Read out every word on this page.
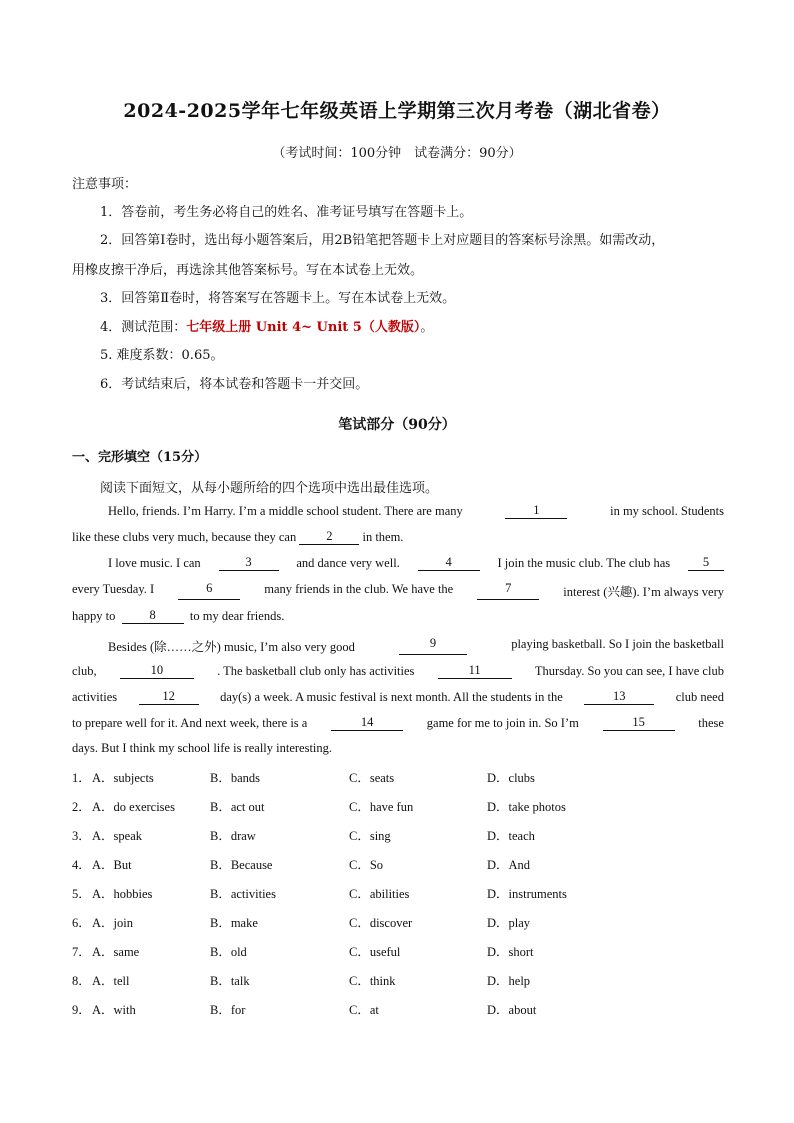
2024-2025学年七年级英语上学期第三次月考卷（湖北省卷）
（考试时间：100分钟　试卷满分：90分）
注意事项：
1．答卷前，考生务必将自己的姓名、准考证号填写在答题卡上。
2．回答第Ⅰ卷时，选出每小题答案后，用2B铅笔把答题卡上对应题目的答案标号涂黑。如需改动，
用橡皮擦干净后，再选涂其他答案标号。写在本试卷上无效。
3．回答第Ⅱ卷时，将答案写在答题卡上。写在本试卷上无效。
4．测试范围：七年级上册 Unit 4~ Unit 5（人教版）。
5. 难度系数：0.65。
6．考试结束后，将本试卷和答题卡一并交回。
笔试部分（90分）
一、完形填空（15分）
阅读下面短文，从每小题所给的四个选项中选出最佳选项。
Hello, friends. I’m Harry. I’m a middle school student. There are many	1	in my school. Students
like these clubs very much, because they can
	2
	in them.
I love music. I can	3	and dance very well.	4	I join the music club. The club has	5
every Tuesday. I	6	many friends in the club. We have the	7	interest (兴趣). I’m always very
happy to
	8
	to my dear friends.
Besides (除……之外) music, I’m also very good	9	playing basketball. So I join the basketball
club,	10	. The basketball club only has activities	11	Thursday. So you can see, I have club
activities	12	day(s) a week. A music festival is next month. All the students in the	13	club need
to prepare well for it. And next week, there is a	14	game for me to join in. So I’m	15	these
days. But I think my school life is really interesting.
1． A．subjects	B．bands	C．seats	D．clubs
2． A．do exercises	B．act out	C．have fun	D．take photos
3． A．speak	B．draw	C．sing	D．teach
4． A．But	B．Because	C．So	D．And
5． A．hobbies	B．activities	C．abilities	D．instruments
6． A．join	B．make	C．discover	D．play
7． A．same	B．old	C．useful	D．short
8． A．tell	B．talk	C．think	D．help
9． A．with	B．for	C．at	D．about
